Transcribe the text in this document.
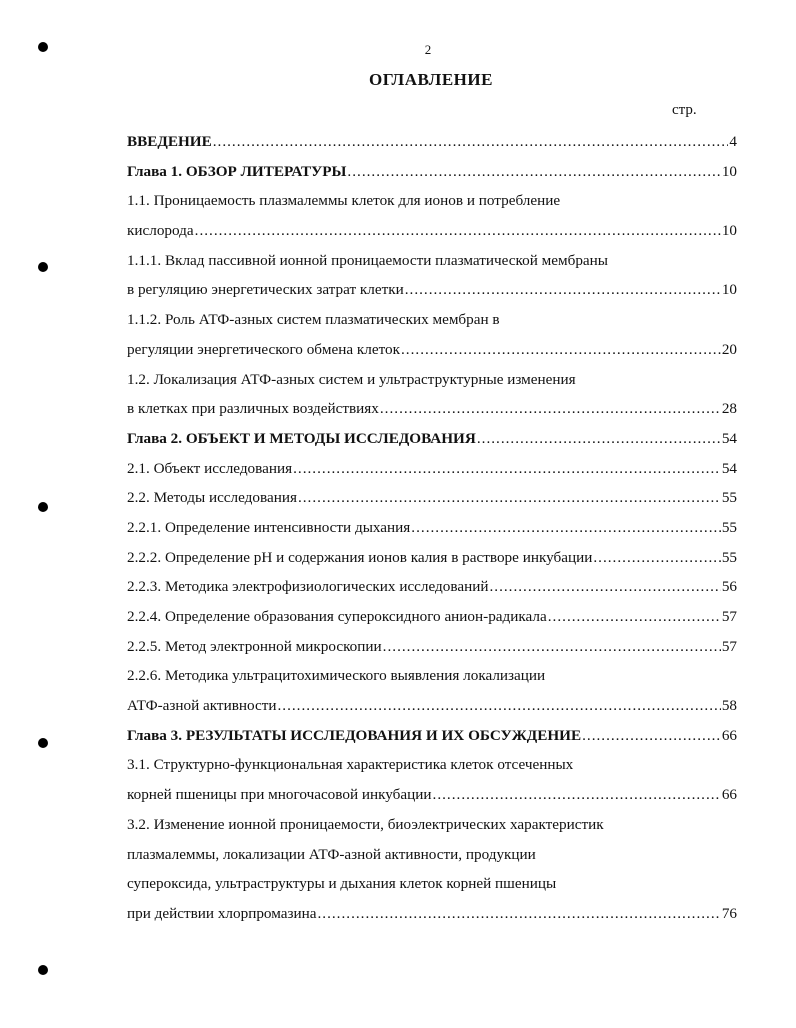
2
ОГЛАВЛЕНИЕ
стр.
ВВЕДЕНИЕ .....	4
Глава 1. ОБЗОР ЛИТЕРАТУРЫ .....	10
1.1. Проницаемость плазмалеммы клеток для ионов и потребление
кислорода .....	10
1.1.1. Вклад пассивной ионной проницаемости плазматической мембраны
в регуляцию энергетических затрат клетки .....	10
1.1.2. Роль АТФ-азных систем плазматических мембран в
регуляции энергетического обмена клеток .....	20
1.2. Локализация АТФ-азных систем и ультраструктурные изменения
в клетках при различных воздействиях .....	28
Глава 2. ОБЪЕКТ И МЕТОДЫ ИССЛЕДОВАНИЯ .....	54
2.1. Объект исследования .....	54
2.2. Методы исследования .....	55
2.2.1. Определение интенсивности дыхания .....	55
2.2.2. Определение рН и содержания ионов калия в растворе инкубации .....	55
2.2.3. Методика электрофизиологических исследований .....	56
2.2.4. Определение образования супероксидного анион-радикала .....	57
2.2.5. Метод электронной микроскопии .....	57
2.2.6. Методика ультрацитохимического выявления локализации
АТФ-азной активности .....	58
Глава 3. РЕЗУЛЬТАТЫ ИССЛЕДОВАНИЯ И ИХ ОБСУЖДЕНИЕ .....	66
3.1. Структурно-функциональная характеристика клеток отсеченных
корней пшеницы при многочасовой инкубации .....	66
3.2. Изменение ионной проницаемости, биоэлектрических характеристик
плазмалеммы, локализации АТФ-азной активности, продукции
супероксида, ультраструктуры и дыхания клеток корней пшеницы
при действии хлорпромазина .....	76
